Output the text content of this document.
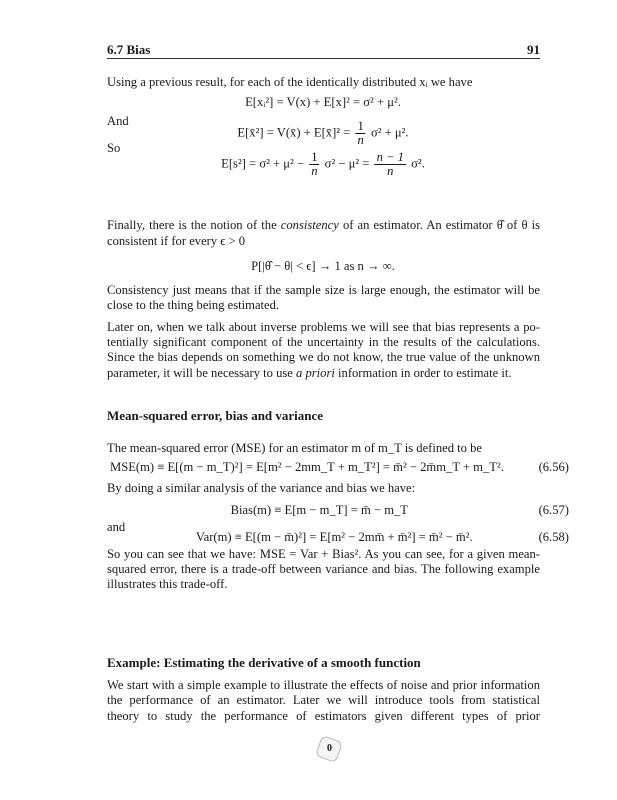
6.7 Bias	91
Using a previous result, for each of the identically distributed xᵢ we have
E[xᵢ²] = V(x) + E[x]² = σ² + μ².
And
E[x̄²] = V(x̄) + E[x̄]² = $\frac{1}{n} \sigma^2 + \mu^2$.
So
$E[s^2] = \sigma^2 + \mu^2 - \frac{1}{n} \sigma^2 - \mu^2 = \frac{n - 1}{n} \sigma^2$.
Finally, there is the notion of the consistency of an estimator. An estimator θ̂ of θ is
consistent if for every ϵ > 0
P[|θ̂ − θ| < ϵ] → 1 as n → ∞.
Consistency just means that if the sample size is large enough, the estimator will be
close to the thing being estimated.
Later on, when we talk about inverse problems we will see that bias represents a po-
tentially significant component of the uncertainty in the results of the calculations.
Since the bias depends on something we do not know, the true value of the unknown
parameter, it will be necessary to use a priori information in order to estimate it.
Mean-squared error, bias and variance
The mean-squared error (MSE) for an estimator m of m_T is defined to be
MSE(m) ≡ E[(m − m_T)²] = E[m² − 2mm_T + m_T²] = m̄² − 2m̄m_T + m_T².	(6.56)
By doing a similar analysis of the variance and bias we have:
Bias(m) ≡ E[m − m_T] = m̄ − m_T	(6.57)
and
Var(m) ≡ E[(m − m̄)²] = E[m² − 2mm̄ + m̄²] = m̄² − m̄².	(6.58)
So you can see that we have: MSE = Var + Bias². As you can see, for a given mean-
squared error, there is a trade-off between variance and bias. The following example
illustrates this trade-off.
Example: Estimating the derivative of a smooth function
We start with a simple example to illustrate the effects of noise and prior information
the performance of an estimator. Later we will introduce tools from statistical
theory to study the performance of estimators given different types of prior
0
